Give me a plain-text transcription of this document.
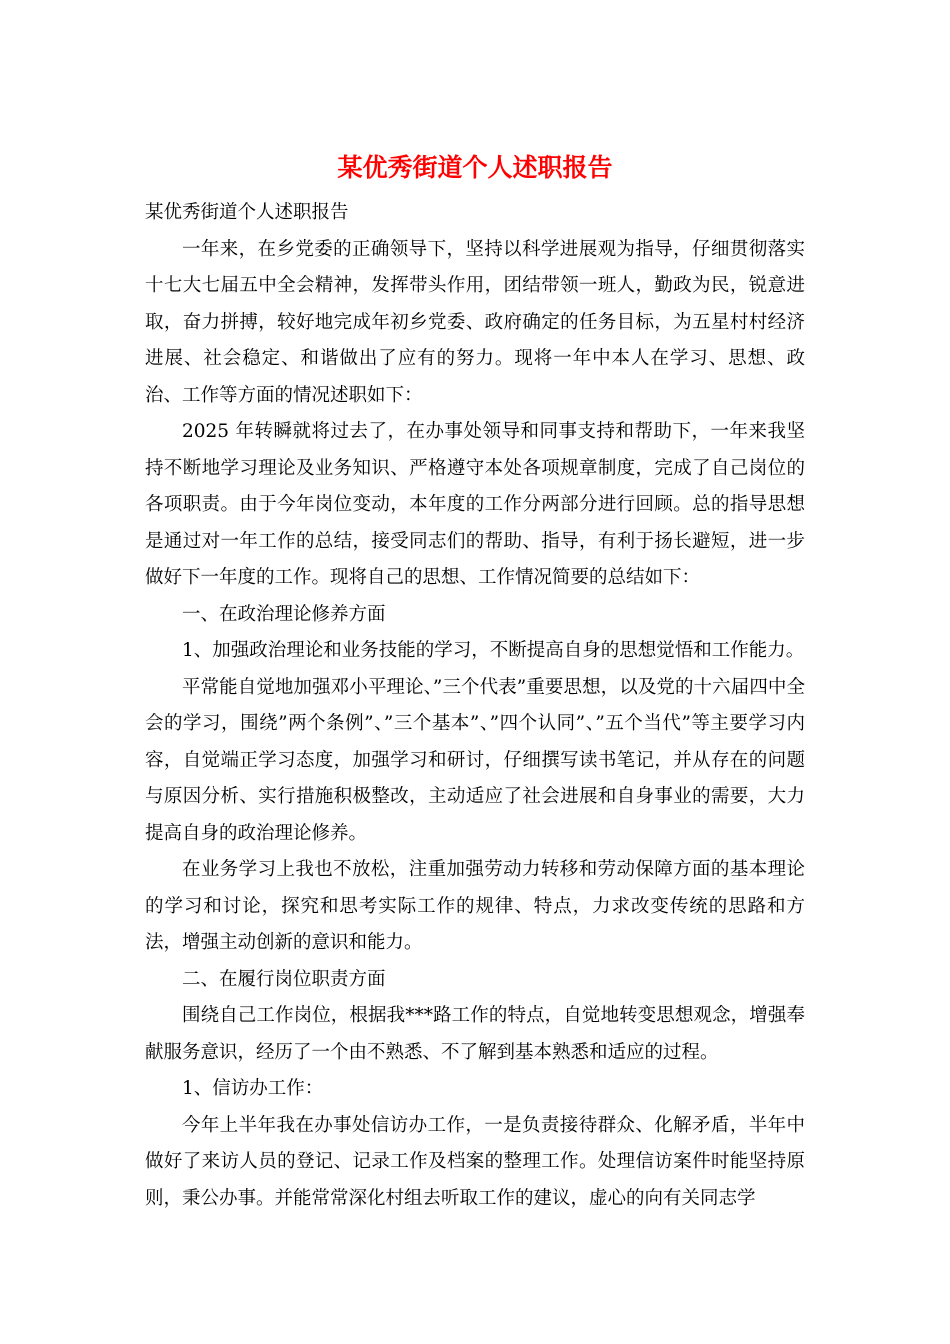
某优秀街道个人述职报告

某优秀街道个人述职报告

一年来，在乡党委的正确领导下，坚持以科学进展观为指导，仔细贯彻落实十七大七届五中全会精神，发挥带头作用，团结带领一班人，勤政为民，锐意进取，奋力拼搏，较好地完成年初乡党委、政府确定的任务目标，为五星村村经济进展、社会稳定、和谐做出了应有的努力。现将一年中本人在学习、思想、政治、工作等方面的情况述职如下：

2025 年转瞬就将过去了，在办事处领导和同事支持和帮助下，一年来我坚持不断地学习理论及业务知识、严格遵守本处各项规章制度，完成了自己岗位的各项职责。由于今年岗位变动，本年度的工作分两部分进行回顾。总的指导思想是通过对一年工作的总结，接受同志们的帮助、指导，有利于扬长避短，进一步做好下一年度的工作。现将自己的思想、工作情况简要的总结如下：

一、在政治理论修养方面

1、加强政治理论和业务技能的学习，不断提高自身的思想觉悟和工作能力。

平常能自觉地加强邓小平理论、”三个代表”重要思想，以及党的十六届四中全会的学习，围绕”两个条例”、”三个基本”、”四个认同”、”五个当代”等主要学习内容，自觉端正学习态度，加强学习和研讨，仔细撰写读书笔记，并从存在的问题与原因分析、实行措施积极整改，主动适应了社会进展和自身事业的需要，大力提高自身的政治理论修养。

在业务学习上我也不放松，注重加强劳动力转移和劳动保障方面的基本理论的学习和讨论，探究和思考实际工作的规律、特点，力求改变传统的思路和方法，增强主动创新的意识和能力。

二、在履行岗位职责方面

围绕自己工作岗位，根据我***路工作的特点，自觉地转变思想观念，增强奉献服务意识，经历了一个由不熟悉、不了解到基本熟悉和适应的过程。

1、信访办工作：

今年上半年我在办事处信访办工作，一是负责接待群众、化解矛盾，半年中做好了来访人员的登记、记录工作及档案的整理工作。处理信访案件时能坚持原则，秉公办事。并能常常深化村组去听取工作的建议，虚心的向有关同志学
